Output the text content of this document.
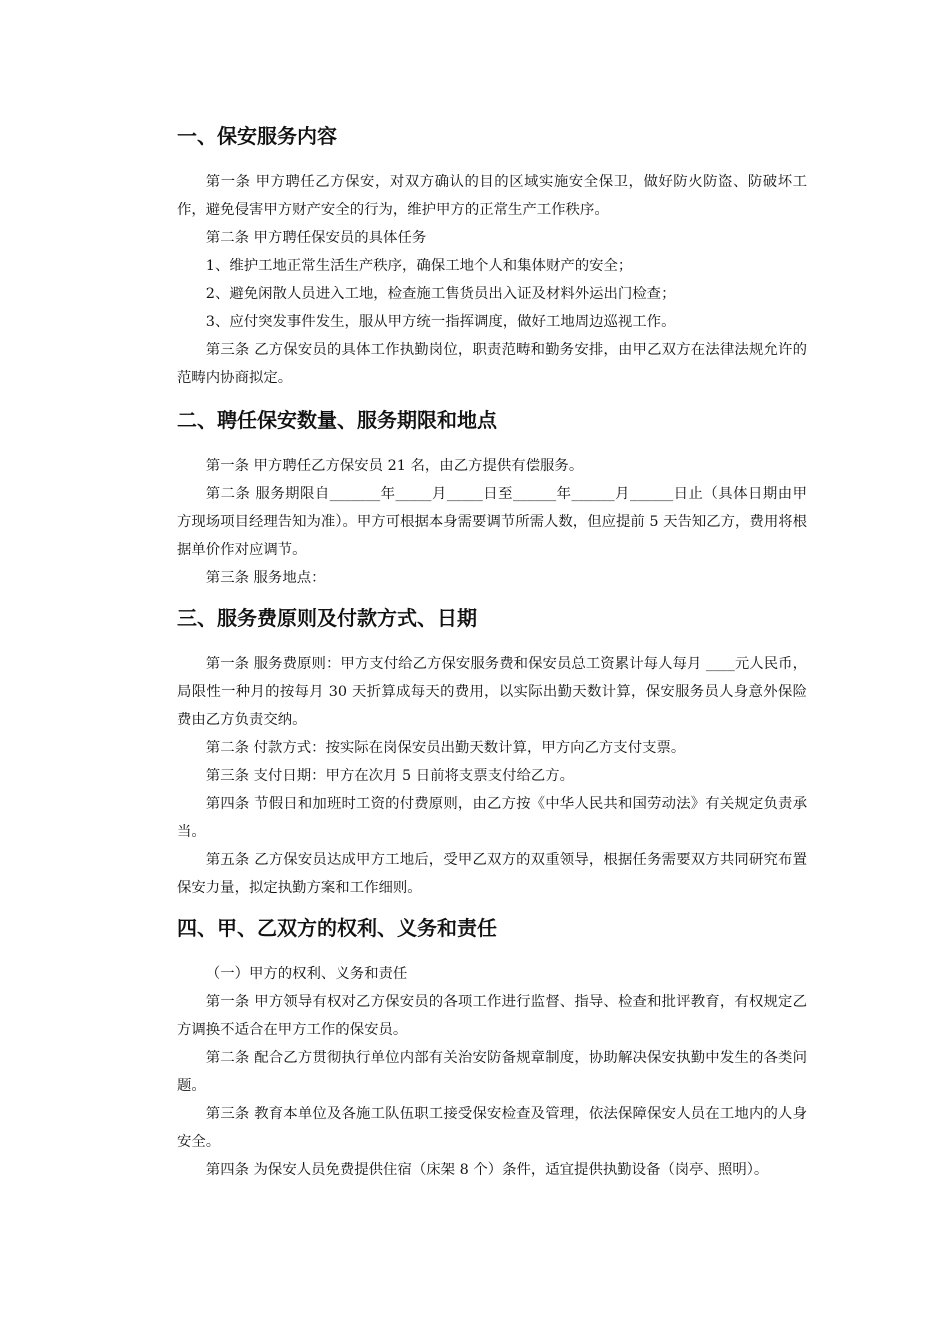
一、保安服务内容

第一条 甲方聘任乙方保安，对双方确认的目的区域实施安全保卫，做好防火防盗、防破坏工作，避免侵害甲方财产安全的行为，维护甲方的正常生产工作秩序。

第二条 甲方聘任保安员的具体任务

1、维护工地正常生活生产秩序，确保工地个人和集体财产的安全；

2、避免闲散人员进入工地，检查施工售货员出入证及材料外运出门检查；

3、应付突发事件发生，服从甲方统一指挥调度，做好工地周边巡视工作。

第三条 乙方保安员的具体工作执勤岗位，职责范畴和勤务安排，由甲乙双方在法律法规允许的范畴内协商拟定。

二、聘任保安数量、服务期限和地点

第一条 甲方聘任乙方保安员 21 名，由乙方提供有偿服务。

第二条 服务期限自_______年_____月_____日至______年______月______日止（具体日期由甲方现场项目经理告知为准）。甲方可根据本身需要调节所需人数，但应提前 5 天告知乙方，费用将根据单价作对应调节。

第三条 服务地点：

三、服务费原则及付款方式、日期

第一条 服务费原则：甲方支付给乙方保安服务费和保安员总工资累计每人每月 ____元人民币，局限性一种月的按每月 30 天折算成每天的费用，以实际出勤天数计算，保安服务员人身意外保险费由乙方负责交纳。

第二条 付款方式：按实际在岗保安员出勤天数计算，甲方向乙方支付支票。

第三条 支付日期：甲方在次月 5 日前将支票支付给乙方。

第四条 节假日和加班时工资的付费原则，由乙方按《中华人民共和国劳动法》有关规定负责承当。

第五条 乙方保安员达成甲方工地后，受甲乙双方的双重领导，根据任务需要双方共同研究布置保安力量，拟定执勤方案和工作细则。

四、甲、乙双方的权利、义务和责任

（一）甲方的权利、义务和责任

第一条 甲方领导有权对乙方保安员的各项工作进行监督、指导、检查和批评教育，有权规定乙方调换不适合在甲方工作的保安员。

第二条 配合乙方贯彻执行单位内部有关治安防备规章制度，协助解决保安执勤中发生的各类问题。

第三条 教育本单位及各施工队伍职工接受保安检查及管理，依法保障保安人员在工地内的人身安全。

第四条 为保安人员免费提供住宿（床架 8 个）条件，适宜提供执勤设备（岗亭、照明）。
